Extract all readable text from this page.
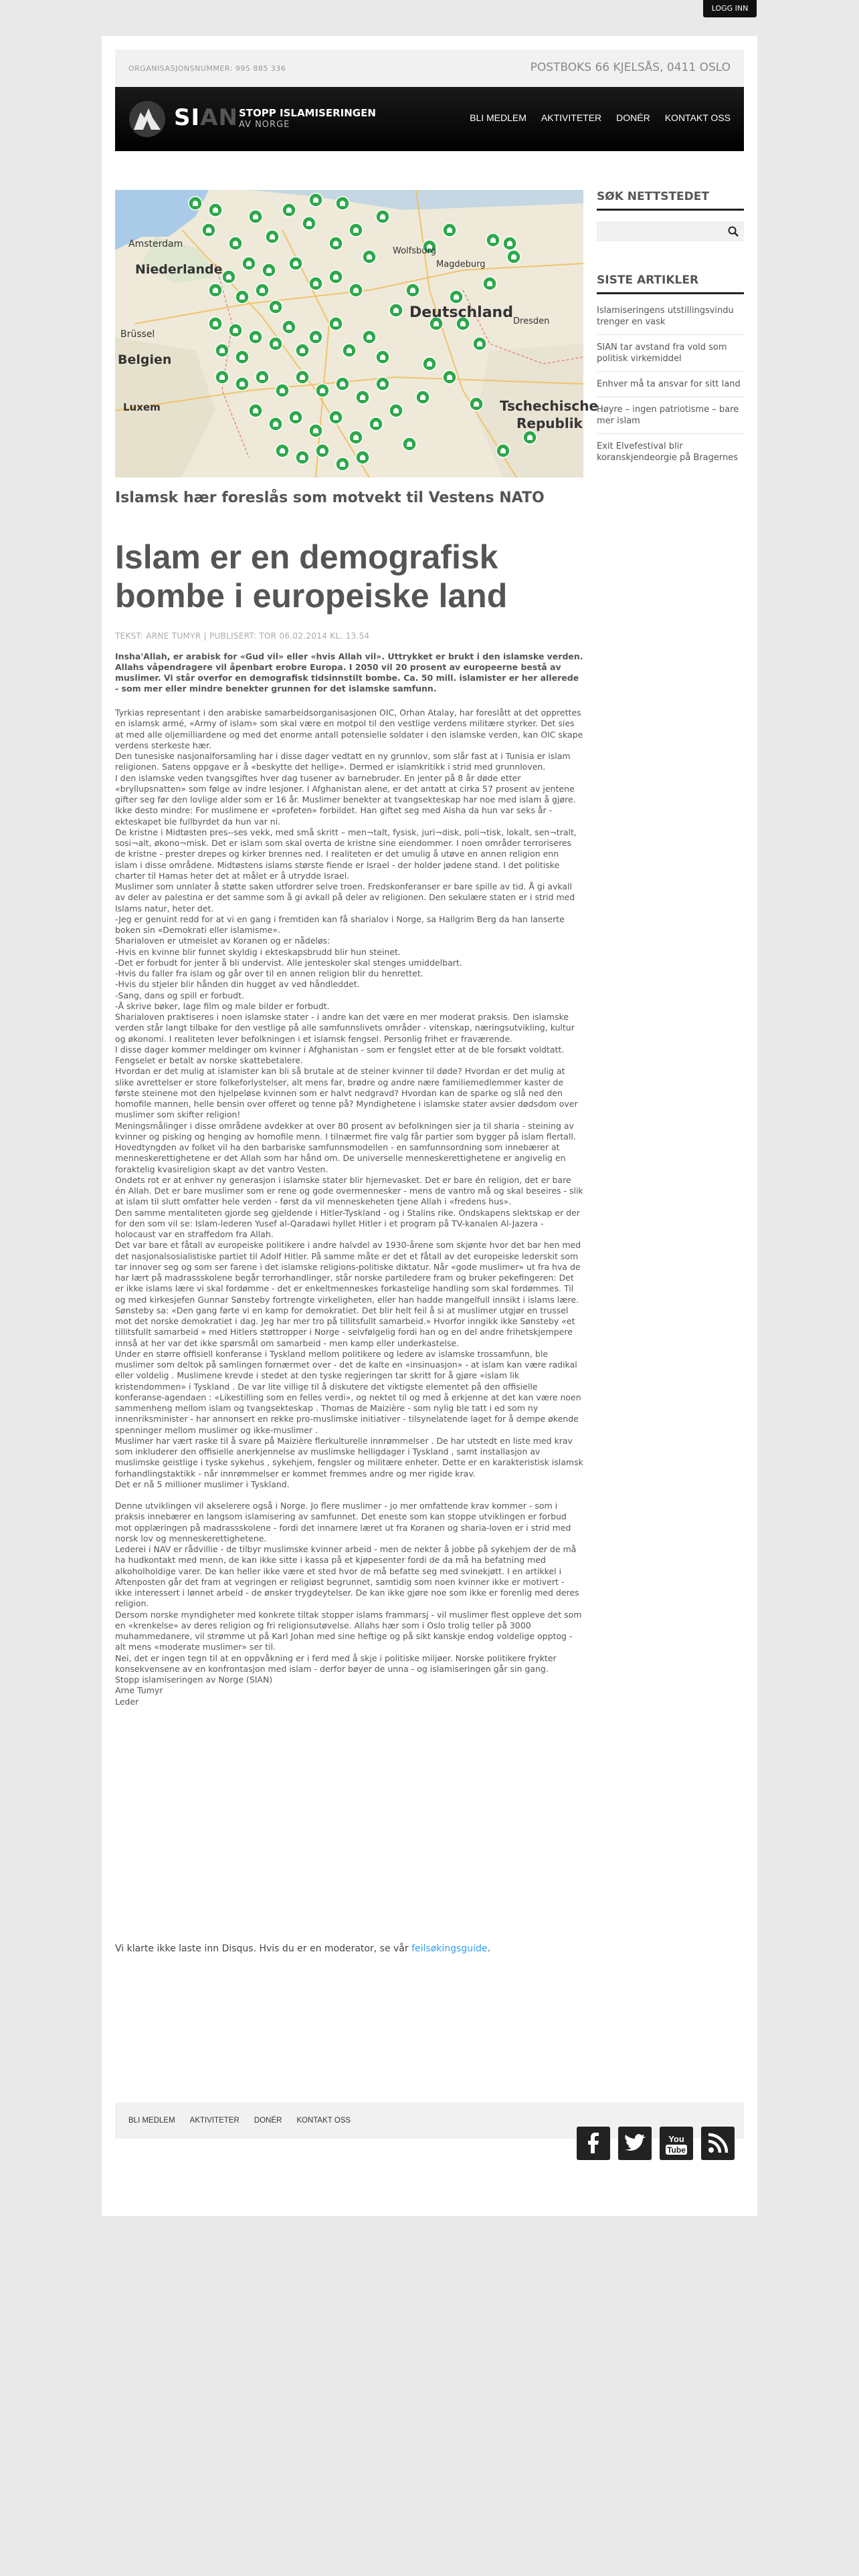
LOGG INN
ORGANISASJONSNUMMER: 995 885 336	POSTBOKS 66 KJELSÅS, 0411 OSLO
SIAN STOPP ISLAMISERINGEN
AV NORGE
BLI MEDLEM AKTIVITETER DONÉR KONTAKT OSS
Amsterdam
Niederlande
Brüssel
Belgien
Luxem
Wolfsburg
Magdeburg
Dresden
Deutschland
Tschechische
Republik
Islamsk hær foreslås som motvekt til Vestens NATO
Islam er en demografisk bombe i europeiske land
TEKST: ARNE TUMYR | PUBLISERT: TOR 06.02.2014 KL. 13.54
Insha'Allah, er arabisk for «Gud vil» eller «hvis Allah vil». Uttrykket er brukt i den islamske verden. Allahs våpendragere vil åpenbart erobre Europa. I 2050 vil 20 prosent av europeerne bestå av muslimer. Vi står overfor en demografisk tidsinnstilt bombe. Ca. 50 mill. islamister er her allerede - som mer eller mindre benekter grunnen for det islamske samfunn.

Tyrkias representant i den arabiske samarbeidsorganisasjonen OIC, Orhan Atalay, har foreslått at det opprettes en islamsk armé, «Army of islam» som skal være en motpol til den vestlige verdens militære styrker. Det sies at med alle oljemilliardene og med det enorme antall potensielle soldater i den islamske verden, kan OIC skape verdens sterkeste hær.

Den tunesiske nasjonalforsamling har i disse dager vedtatt en ny grunnlov, som slår fast at i Tunisia er islam religionen. Satens oppgave er å «beskytte det hellige». Dermed er islamkritikk i strid med grunnloven.

I den islamske veden tvangsgiftes hver dag tusener av barnebruder. En jenter på 8 år døde etter «bryllupsnatten» som følge av indre lesjoner. I Afghanistan alene, er det antatt at cirka 57 prosent av jentene gifter seg før den lovlige alder som er 16 år. Muslimer benekter at tvangsekteskap har noe med islam å gjøre.

Ikke desto mindre: For muslimene er «profeten» forbildet. Han giftet seg med Aisha da hun var seks år - ekteskapet ble fullbyrdet da hun var ni.

De kristne i Midtøsten pres--ses vekk, med små skritt – men¬talt, fysisk, juri¬disk, poli¬tisk, lokalt, sen¬tralt, sosi¬alt, økono¬misk. Det er islam som skal overta de kristne sine eiendommer. I noen områder terroriseres de kristne - prester drepes og kirker brennes ned. I realiteten er det umulig å utøve en annen religion enn islam i disse områdene. Midtøstens islams største fiende er Israel - der holder jødene stand. I det politiske charter til Hamas heter det at målet er å utrydde Israel.

Muslimer som unnlater å støtte saken utfordrer selve troen. Fredskonferanser er bare spille av tid. Å gi avkall av deler av palestina er det samme som å gi avkall på deler av religionen. Den sekulære staten er i strid med Islams natur, heter det.

-Jeg er genuint redd for at vi en gang i fremtiden kan få sharialov i Norge, sa Hallgrim Berg da han lanserte boken sin «Demokrati eller islamisme».

Sharialoven er utmeislet av Koranen og er nådeløs:

-Hvis en kvinne blir funnet skyldig i ekteskapsbrudd blir hun steinet.

-Det er forbudt for jenter å bli undervist. Alle jenteskoler skal stenges umiddelbart.

-Hvis du faller fra islam og går over til en annen religion blir du henrettet.

-Hvis du stjeler blir hånden din hugget av ved håndleddet.

-Sang, dans og spill er forbudt.

-Å skrive bøker, lage film og male bilder er forbudt.

Sharialoven praktiseres i noen islamske stater - i andre kan det være en mer moderat praksis. Den islamske verden står langt tilbake for den vestlige på alle samfunnslivets områder - vitenskap, næringsutvikling, kultur og økonomi. I realiteten lever befolkningen i et islamsk fengsel. Personlig frihet er fraværende.

I disse dager kommer meldinger om kvinner i Afghanistan - som er fengslet etter at de ble forsøkt voldtatt. Fengselet er betalt av norske skattebetalere.

Hvordan er det mulig at islamister kan bli så brutale at de steiner kvinner til døde? Hvordan er det mulig at slike avrettelser er store folkeforlystelser, alt mens far, brødre og andre nære familiemedlemmer kaster de første steinene mot den hjelpeløse kvinnen som er halvt nedgravd? Hvordan kan de sparke og slå ned den homofile mannen, helle bensin over offeret og tenne på? Myndighetene i islamske stater avsier dødsdom over muslimer som skifter religion!

Meningsmålinger i disse områdene avdekker at over 80 prosent av befolkningen sier ja til sharia - steining av kvinner og pisking og henging av homofile menn. I tilnærmet fire valg får partier som bygger på islam flertall. Hovedtyngden av folket vil ha den barbariske samfunnsmodellen - en samfunnsordning som innebærer at menneskerettighetene er det Allah som har hånd om. De universelle menneskerettighetene er angivelig en foraktelig kvasireligion skapt av det vantro Vesten.

Ondets rot er at enhver ny generasjon i islamske stater blir hjernevasket. Det er bare én religion, det er bare én Allah. Det er bare muslimer som er rene og gode overmennesker - mens de vantro må og skal beseires - slik at islam til slutt omfatter hele verden - først da vil menneskeheten tjene Allah i «fredens hus».

Den samme mentaliteten gjorde seg gjeldende i Hitler-Tyskland - og i Stalins rike. Ondskapens slektskap er der for den som vil se: Islam-lederen Yusef al-Qaradawi hyllet Hitler i et program på TV-kanalen Al-Jazera - holocaust var en straffedom fra Allah.

Det var bare et fåtall av europeiske politikere i andre halvdel av 1930-årene som skjønte hvor det bar hen med det nasjonalsosialistiske partiet til Adolf Hitler. På samme måte er det et fåtall av det europeiske lederskit som tar innover seg og som ser farene i det islamske religions-politiske diktatur. Når «gode muslimer» ut fra hva de har lært på madrassskolene begår terrorhandlinger, står norske partiledere fram og bruker pekefingeren: Det er ikke islams lære vi skal fordømme - det er enkeltmenneskes forkastelige handling som skal fordømmes. Til og med kirkesjefen Gunnar Sønsteby fortrengte virkeligheten, eller han hadde mangelfull innsikt i islams lære. Sønsteby sa: «Den gang førte vi en kamp for demokratiet. Det blir helt feil å si at muslimer utgjør en trussel mot det norske demokratiet i dag. Jeg har mer tro på tillitsfullt samarbeid.» Hvorfor inngikk ikke Sønsteby «et tillitsfullt samarbeid » med Hitlers støttropper i Norge - selvfølgelig fordi han og en del andre frihetskjempere innså at her var det ikke spørsmål om samarbeid - men kamp eller underkastelse.

Under en større offisiell konferanse i Tyskland mellom politikere og ledere av islamske trossamfunn, ble muslimer som deltok på samlingen fornærmet over - det de kalte en «insinuasjon» - at islam kan være radikal eller voldelig . Muslimene krevde i stedet at den tyske regjeringen tar skritt for å gjøre «islam lik kristendommen» i Tyskland . De var lite villige til å diskutere det viktigste elementet på den offisielle konferanse-agendaen : «Likestilling som en felles verdi», og nektet til og med å erkjenne at det kan være noen sammenheng mellom islam og tvangsekteskap . Thomas de Maizière - som nylig ble tatt i ed som ny innenriksminister - har annonsert en rekke pro-muslimske initiativer - tilsynelatende laget for å dempe økende spenninger mellom muslimer og ikke-muslimer .

Muslimer har vært raske til å svare på Maizière flerkulturelle innrømmelser . De har utstedt en liste med krav som inkluderer den offisielle anerkjennelse av muslimske helligdager i Tyskland , samt installasjon av muslimske geistlige i tyske sykehus , sykehjem, fengsler og militære enheter. Dette er en karakteristisk islamsk forhandlingstaktikk - når innrømmelser er kommet fremmes andre og mer rigide krav.

Det er nå 5 millioner muslimer i Tyskland.

Denne utviklingen vil akselerere også i Norge. Jo flere muslimer - jo mer omfattende krav kommer - som i praksis innebærer en langsom islamisering av samfunnet. Det eneste som kan stoppe utviklingen er forbud mot opplæringen på madrassskolene - fordi det innarnere læret ut fra Koranen og sharia-loven er i strid med norsk lov og menneskerettighetene.

Lederei i NAV er rådvillie - de tilbyr muslimske kvinner arbeid - men de nekter å jobbe på sykehjem der de må ha hudkontakt med menn, de kan ikke sitte i kassa på et kjøpesenter fordi de da må ha befatning med alkoholholdige varer. De kan heller ikke være et sted hvor de må befatte seg med svinekjøtt. I en artikkel i Aftenposten går det fram at vegringen er religiøst begrunnet, samtidig som noen kvinner ikke er motivert - ikke interessert i lønnet arbeid - de ønsker trygdeytelser. De kan ikke gjøre noe som ikke er forenlig med deres religion.

Dersom norske myndigheter med konkrete tiltak stopper islams frammarsj - vil muslimer flest oppleve det som en «krenkelse» av deres religion og fri religionsutøvelse. Allahs hær som i Oslo trolig teller på 3000 muhammedanere, vil strømme ut på Karl Johan med sine heftige og på sikt kanskje endog voldelige opptog - alt mens «moderate muslimer» ser til.

Nei, det er ingen tegn til at en oppvåkning er i ferd med å skje i politiske miljøer. Norske politikere frykter konsekvensene av en konfrontasjon med islam - derfor bøyer de unna - og islamiseringen går sin gang.

Stopp islamiseringen av Norge (SIAN)

Arne Tumyr

Leder

Vi klarte ikke laste inn Disqus. Hvis du er en moderator, se vår feilsøkingsguide.
SØK NETTSTEDET
SISTE ARTIKLER
Islamiseringens utstillingsvindu trenger en vask
SIAN tar avstand fra vold som politisk virkemiddel
Enhver må ta ansvar for sitt land
Høyre – ingen patriotisme – bare mer islam
Exit Elvefestival blir koranskjendeorgie på Bragernes
BLI MEDLEM AKTIVITETER DONÉR KONTAKT OSS
You
Tube
